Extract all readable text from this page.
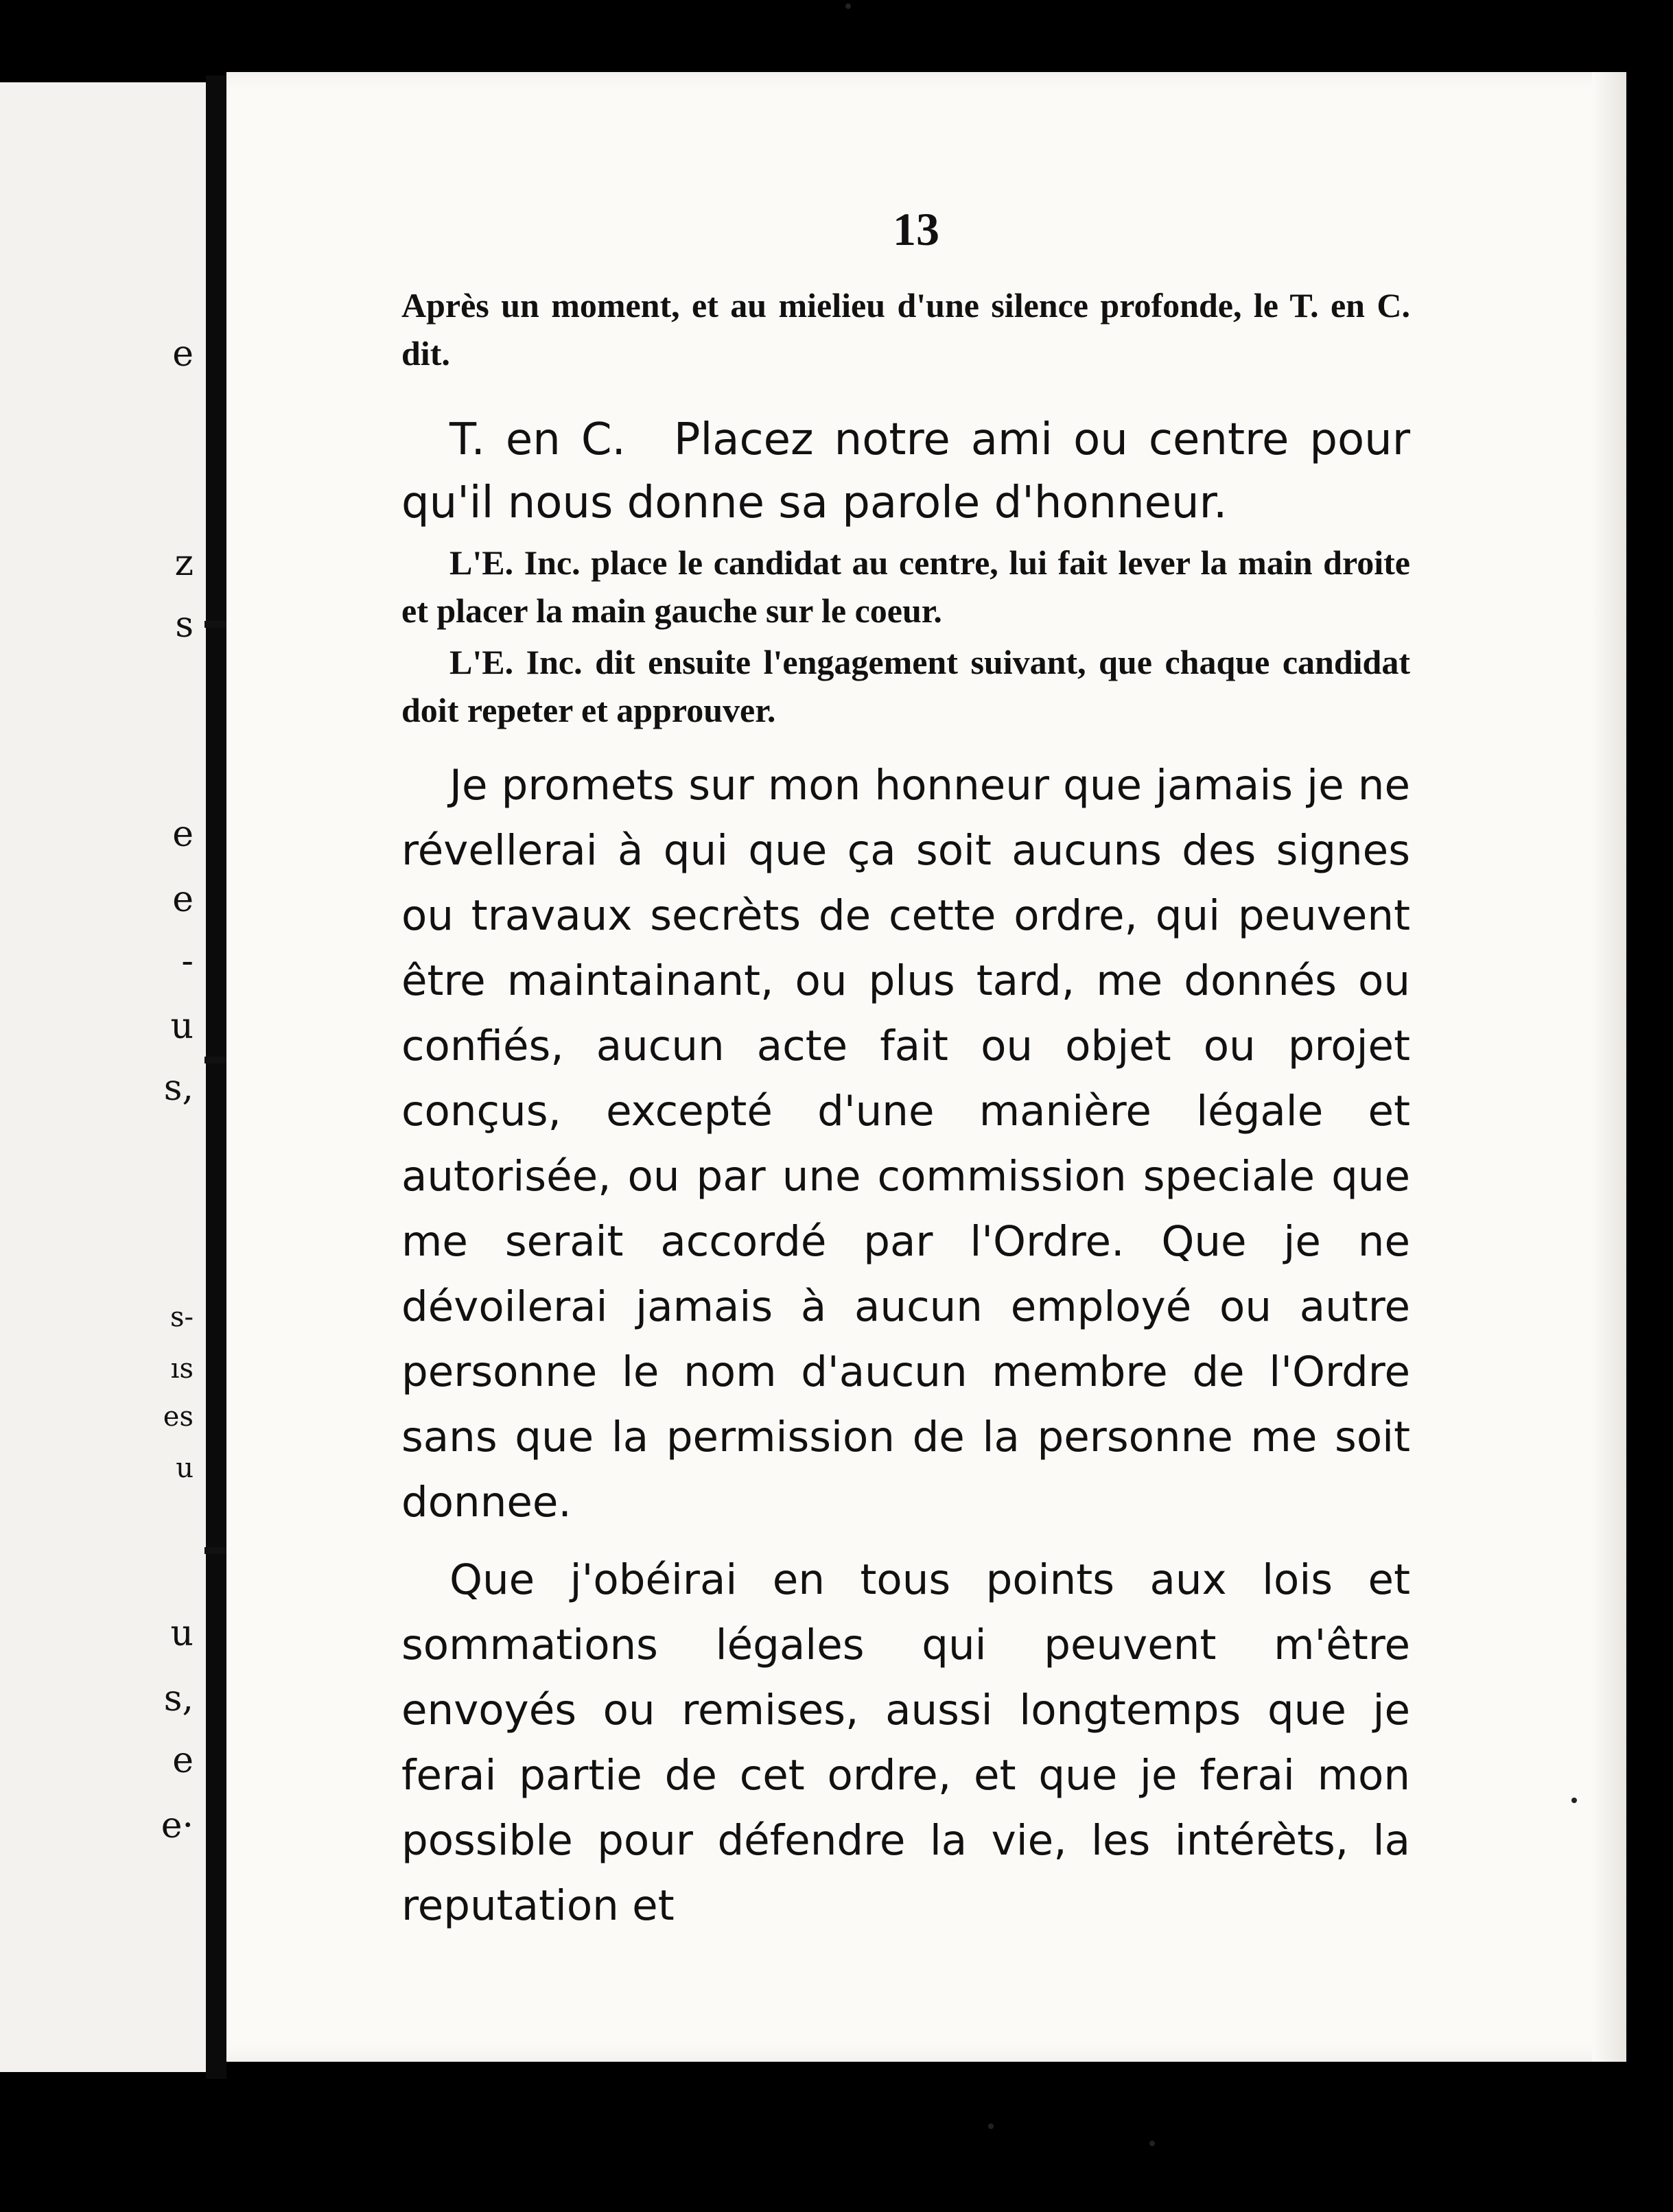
e
z
s
e
e
-
u
s,
s-
ıs
es
u
u
s,
e
e·
13

Après un moment, et au mielieu d'une silence profonde, le T. en C. dit.

T. en C. Placez notre ami ou centre pour qu'il nous donne sa parole d'honneur.

L'E. Inc. place le candidat au centre, lui fait lever la main droite et placer la main gauche sur le coeur.

L'E. Inc. dit ensuite l'engagement suivant, que chaque candidat doit repeter et approuver.

Je promets sur mon honneur que jamais je ne révellerai à qui que ça soit aucuns des signes ou travaux secrèts de cette ordre, qui peuvent être maintainant, ou plus tard, me donnés ou confiés, aucun acte fait ou objet ou projet conçus, excepté d'une manière légale et autorisée, ou par une commission speciale que me serait accordé par l'Ordre. Que je ne dévoilerai jamais à aucun employé ou autre personne le nom d'aucun membre de l'Ordre sans que la permission de la personne me soit donnee.

Que j'obéirai en tous points aux lois et sommations légales qui peuvent m'être envoyés ou remises, aussi longtemps que je ferai partie de cet ordre, et que je ferai mon possible pour défendre la vie, les intérèts, la reputation et
